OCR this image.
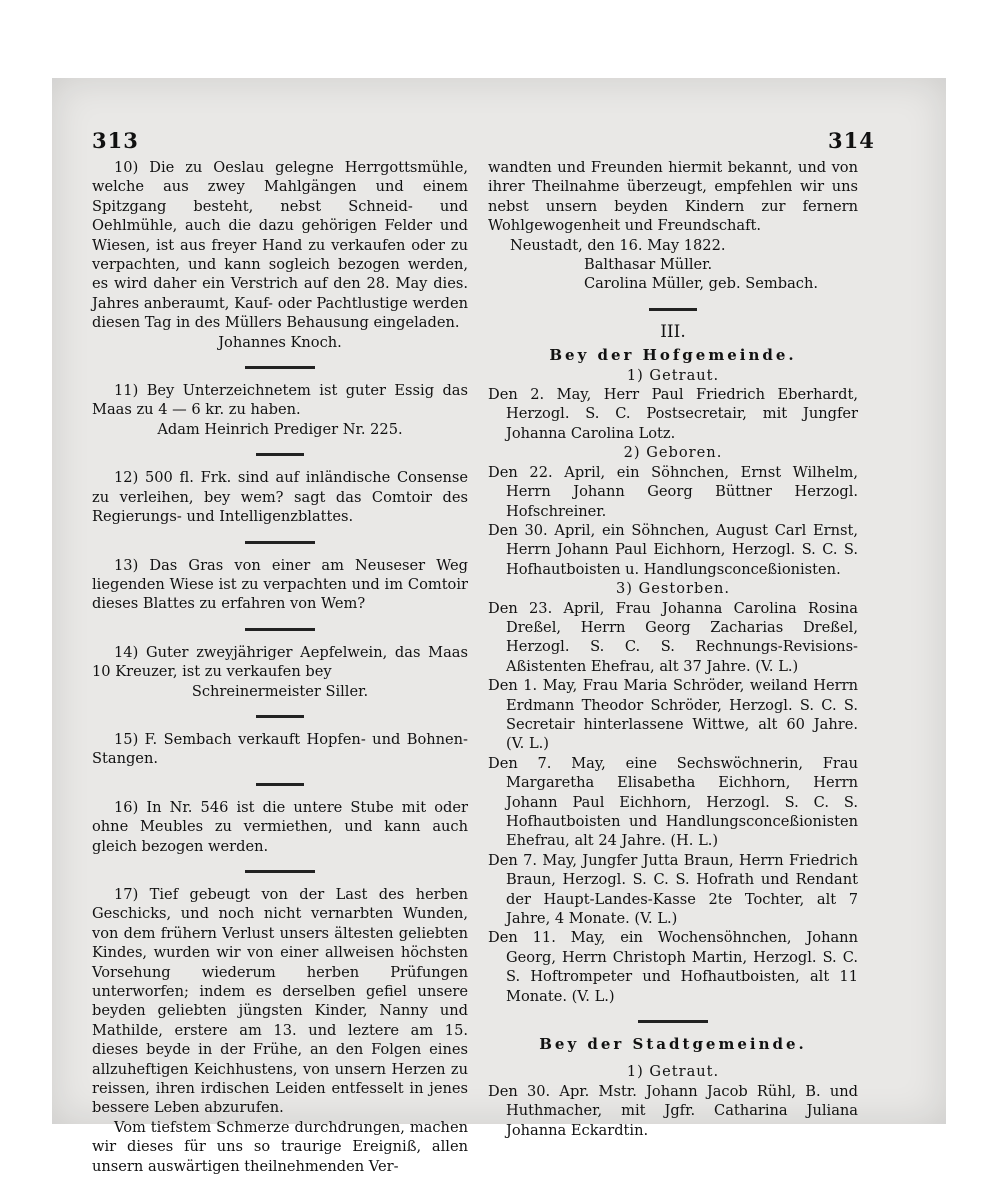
313	314

10) Die zu Oeslau gelegne Herrgottsmühle, welche aus zwey Mahlgängen und einem Spitzgang besteht, nebst Schneid- und Oehlmühle, auch die dazu gehörigen Felder und Wiesen, ist aus freyer Hand zu verkaufen oder zu verpachten, und kann sogleich bezogen werden, es wird daher ein Verstrich auf den 28. May dies. Jahres anberaumt, Kauf- oder Pachtlustige werden diesen Tag in des Müllers Behausung eingeladen.

Johannes Knoch.

11) Bey Unterzeichnetem ist guter Essig das Maas zu 4 — 6 kr. zu haben.

Adam Heinrich Prediger Nr. 225.

12) 500 fl. Frk. sind auf inländische Consense zu verleihen, bey wem? sagt das Comtoir des Regierungs- und Intelligenzblattes.

13) Das Gras von einer am Neuseser Weg liegenden Wiese ist zu verpachten und im Comtoir dieses Blattes zu erfahren von Wem?

14) Guter zweyjähriger Aepfelwein, das Maas 10 Kreuzer, ist zu verkaufen bey

Schreinermeister Siller.

15) F. Sembach verkauft Hopfen- und Bohnen-Stangen.

16) In Nr. 546 ist die untere Stube mit oder ohne Meubles zu vermiethen, und kann auch gleich bezogen werden.

17) Tief gebeugt von der Last des herben Geschicks, und noch nicht vernarbten Wunden, von dem frühern Verlust unsers ältesten geliebten Kindes, wurden wir von einer allweisen höchsten Vorsehung wiederum herben Prüfungen unterworfen; indem es derselben gefiel unsere beyden geliebten jüngsten Kinder, Nanny und Mathilde, erstere am 13. und leztere am 15. dieses beyde in der Frühe, an den Folgen eines allzuheftigen Keichhustens, von unsern Herzen zu reissen, ihren irdischen Leiden entfesselt in jenes bessere Leben abzurufen.

Vom tiefstem Schmerze durchdrungen, machen wir dieses für uns so traurige Ereigniß, allen unsern auswärtigen theilnehmenden Ver-

wandten und Freunden hiermit bekannt, und von ihrer Theilnahme überzeugt, empfehlen wir uns nebst unsern beyden Kindern zur fernern Wohlgewogenheit und Freundschaft.

Neustadt, den 16. May 1822.

Balthasar Müller.

Carolina Müller, geb. Sembach.

III.

Bey der Hofgemeinde.

1) Getraut.

Den 2. May, Herr Paul Friedrich Eberhardt, Herzogl. S. C. Postsecretair, mit Jungfer Johanna Carolina Lotz.

2) Geboren.

Den 22. April, ein Söhnchen, Ernst Wilhelm, Herrn Johann Georg Büttner Herzogl. Hofschreiner.

Den 30. April, ein Söhnchen, August Carl Ernst, Herrn Johann Paul Eichhorn, Herzogl. S. C. S. Hofhautboisten u. Handlungsconceßionisten.

3) Gestorben.

Den 23. April, Frau Johanna Carolina Rosina Dreßel, Herrn Georg Zacharias Dreßel, Herzogl. S. C. S. Rechnungs-Revisions-Aßistenten Ehefrau, alt 37 Jahre. (V. L.)

Den 1. May, Frau Maria Schröder, weiland Herrn Erdmann Theodor Schröder, Herzogl. S. C. S. Secretair hinterlassene Wittwe, alt 60 Jahre. (V. L.)

Den 7. May, eine Sechswöchnerin, Frau Margaretha Elisabetha Eichhorn, Herrn Johann Paul Eichhorn, Herzogl. S. C. S. Hofhautboisten und Handlungsconceßionisten Ehefrau, alt 24 Jahre. (H. L.)

Den 7. May, Jungfer Jutta Braun, Herrn Friedrich Braun, Herzogl. S. C. S. Hofrath und Rendant der Haupt-Landes-Kasse 2te Tochter, alt 7 Jahre, 4 Monate. (V. L.)

Den 11. May, ein Wochensöhnchen, Johann Georg, Herrn Christoph Martin, Herzogl. S. C. S. Hoftrompeter und Hofhautboisten, alt 11 Monate. (V. L.)

Bey der Stadtgemeinde.

1) Getraut.

Den 30. Apr. Mstr. Johann Jacob Rühl, B. und Huthmacher, mit Jgfr. Catharina Juliana Johanna Eckardtin.
